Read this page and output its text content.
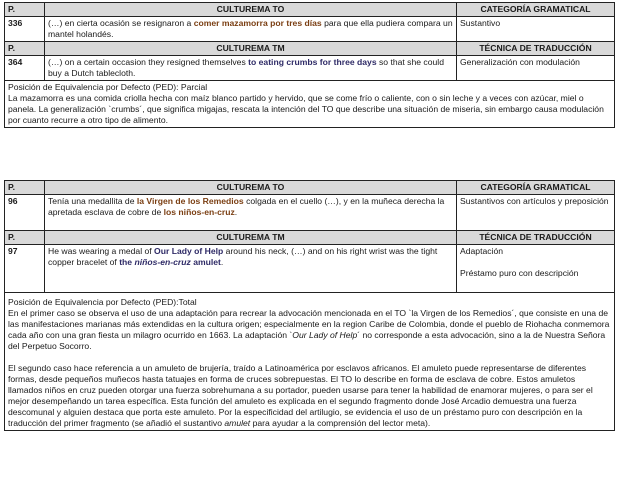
P.	CULTUREMA TO	CATEGORÍA GRAMATICAL
336	(…) en cierta ocasión se resignaron a comer mazamorra por tres días para que ella pudiera compara un mantel holandés.	Sustantivo
P.	CULTUREMA TM	TÉCNICA DE TRADUCCIÓN
364	(…) on a certain occasion they resigned themselves to eating crumbs for three days so that she could buy a Dutch tablecloth.	Generalización con modulación

Posición de Equivalencia por Defecto (PED): Parcial

La mazamorra es una comida criolla hecha con maíz blanco partido y hervido, que se come frío o caliente, con o sin leche y a veces con azúcar, miel o panela. La generalización `crumbs´, que significa migajas, rescata la intención del TO que describe una situación de miseria, sin embargo causa modulación por cuanto recurre a otro tipo de alimento.		

P.	CULTUREMA TO	CATEGORÍA GRAMATICAL
96	Tenía una medallita de la Virgen de los Remedios colgada en el cuello (…), y en la muñeca derecha la apretada esclava de cobre de los niños-en-cruz.	Sustantivos con artículos y preposición
P.	CULTUREMA TM	TÉCNICA DE TRADUCCIÓN
97	He was wearing a medal of Our Lady of Help around his neck, (…) and on his right wrist was the tight copper bracelet of the niños-en-cruz amulet.	Adaptación
Préstamo puro con descripción

Posición de Equivalencia por Defecto (PED):Total

En el primer caso se observa el uso de una adaptación para recrear la advocación mencionada en el TO `la Virgen de los Remedios´, que consiste en una de las manifestaciones marianas más extendidas en la cultura origen; especialmente en la region Caribe de Colombia, donde el pueblo de Riohacha conmemora cada año con una gran fiesta un milagro ocurrido en 1663. La adaptación `Our Lady of Help´ no corresponde a esta advocación, sino a la de Nuestra Señora del Perpetuo Socorro.

El segundo caso hace referencia a un amuleto de brujería, traído a Latinoamérica por esclavos africanos. El amuleto puede representarse de diferentes formas, desde pequeños muñecos hasta tatuajes en forma de cruces sobrepuestas. El TO lo describe en forma de esclava de cobre. Estos amuletos llamados niños en cruz pueden otorgar una fuerza sobrehumana a su portador, pueden usarse para tener la habilidad de enamorar mujeres, o para ser el mejor desempeñando un tarea específica. Esta función del amuleto es explicada en el segundo fragmento donde José Arcadio demuestra una fuerza descomunal y alguien destaca que porta este amuleto. Por la especificidad del artilugio, se evidencia el uso de un préstamo puro con descripción en la traducción del primer fragmento (se añadió el sustantivo amulet para ayudar a la comprensión del lector meta).		
